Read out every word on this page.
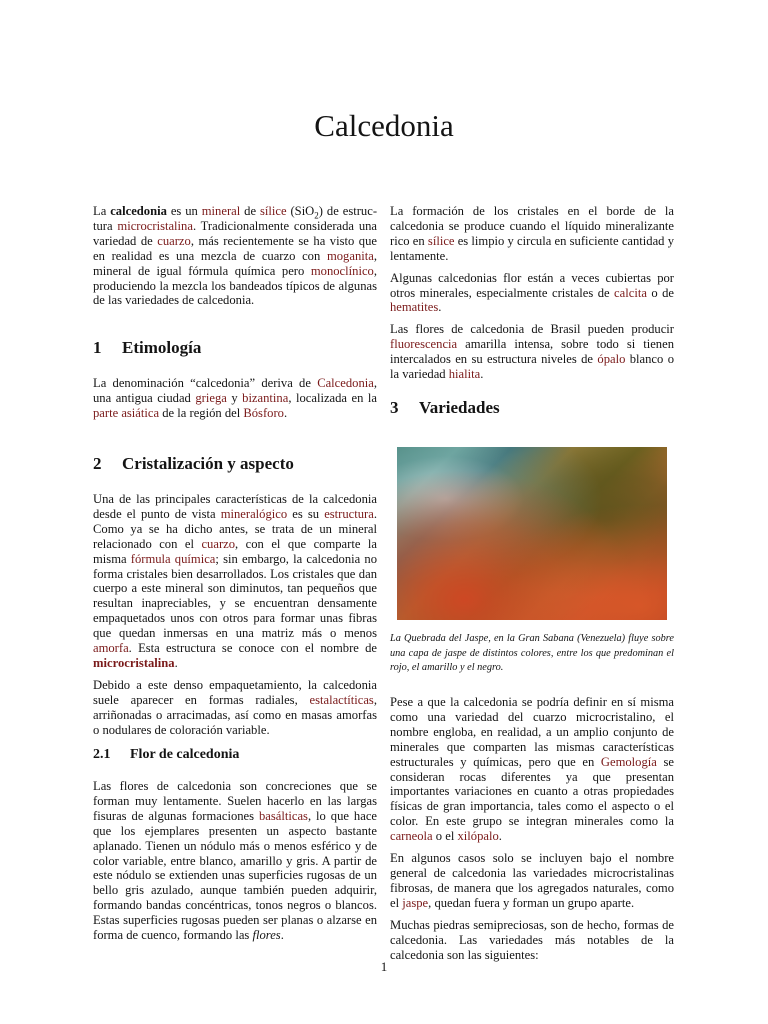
Calcedonia

La calcedonia es un mineral de sílice (SiO$_2$) de estructura microcristalina. Tradicionalmente considerada una variedad de cuarzo, más recientemente se ha visto que en realidad es una mezcla de cuarzo con moganita, mineral de igual fórmula química pero monoclínico, produciendo la mezcla los bandeados típicos de algunas de las variedades de calcedonia.

1 Etimología

La denominación “calcedonia” deriva de Calcedonia, una antigua ciudad griega y bizantina, localizada en la parte asiática de la región del Bósforo.

2 Cristalización y aspecto

Una de las principales características de la calcedonia desde el punto de vista mineralógico es su estructura. Como ya se ha dicho antes, se trata de un mineral relacionado con el cuarzo, con el que comparte la misma fórmula química; sin embargo, la calcedonia no forma cristales bien desarrollados. Los cristales que dan cuerpo a este mineral son diminutos, tan pequeños que resultan inapreciables, y se encuentran densamente empaquetados unos con otros para formar unas fibras que quedan inmersas en una matriz más o menos amorfa. Esta estructura se conoce con el nombre de microcristalina.

Debido a este denso empaquetamiento, la calcedonia suele aparecer en formas radiales, estalactíticas, arriñonadas o arracimadas, así como en masas amorfas o nodulares de coloración variable.

2.1 Flor de calcedonia

Las flores de calcedonia son concreciones que se forman muy lentamente. Suelen hacerlo en las largas fisuras de algunas formaciones basálticas, lo que hace que los ejemplares presenten un aspecto bastante aplanado. Tienen un nódulo más o menos esférico y de color variable, entre blanco, amarillo y gris. A partir de este nódulo se extienden unas superficies rugosas de un bello gris azulado, aunque también pueden adquirir, formando bandas concéntricas, tonos negros o blancos. Estas superficies rugosas pueden ser planas o alzarse en forma de cuenco, formando las flores.

La formación de los cristales en el borde de la calcedonia se produce cuando el líquido mineralizante rico en sílice es limpio y circula en suficiente cantidad y lentamente.

Algunas calcedonias flor están a veces cubiertas por otros minerales, especialmente cristales de calcita o de hematites.

Las flores de calcedonia de Brasil pueden producir fluorescencia amarilla intensa, sobre todo si tienen intercalados en su estructura niveles de ópalo blanco o la variedad hialita.

3 Variedades

La Quebrada del Jaspe, en la Gran Sabana (Venezuela) fluye sobre una capa de jaspe de distintos colores, entre los que predominan el rojo, el amarillo y el negro.

Pese a que la calcedonia se podría definir en sí misma como una variedad del cuarzo microcristalino, el nombre engloba, en realidad, a un amplio conjunto de minerales que comparten las mismas características estructurales y químicas, pero que en Gemología se consideran rocas diferentes ya que presentan importantes variaciones en cuanto a otras propiedades físicas de gran importancia, tales como el aspecto o el color. En este grupo se integran minerales como la carneola o el xilópalo.

En algunos casos solo se incluyen bajo el nombre general de calcedonia las variedades microcristalinas fibrosas, de manera que los agregados naturales, como el jaspe, quedan fuera y forman un grupo aparte.

Muchas piedras semipreciosas, son de hecho, formas de calcedonia. Las variedades más notables de la calcedonia son las siguientes:

1
